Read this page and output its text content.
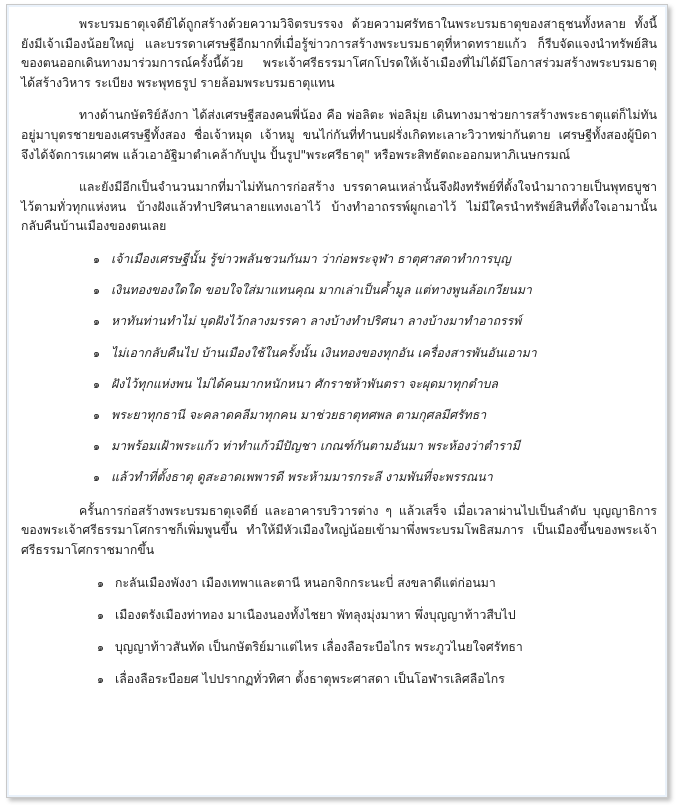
พระบรมธาตุเจดีย์ได้ถูกสร้างด้วยความวิจิตรบรรจง ด้วยความศรัทธาในพระบรมธาตุของสาธุชนทั้งหลาย ทั้งนี้ยังมีเจ้าเมืองน้อยใหญ่ และบรรดาเศรษฐีอีกมากที่เมื่อรู้ข่าวการสร้างพระบรมธาตุที่หาดทรายแก้ว ก็รีบจัดแจงนำทรัพย์สินของตนออกเดินทางมาร่วมการณ์ครั้งนี้ด้วย พระเจ้าศรีธรรมาโศกโปรดให้เจ้าเมืองที่ไม่ได้มีโอกาสร่วมสร้างพระบรมธาตุ ได้สร้างวิหาร ระเบียง พระพุทธรูป รายล้อมพระบรมธาตุแทน

ทางด้านกษัตริย์ลังกา ได้ส่งเศรษฐีสองคนพี่น้อง คือ พ่อลิตะ พ่อลิมุ่ย เดินทางมาช่วยการสร้างพระธาตุแต่ก็ไม่ทัน อยู่มาบุตรชายของเศรษฐีทั้งสอง ชื่อเจ้าหมุด เจ้าหมู ขนไก่กันที่ทำนบฝรั่งเกิดทะเลาะวิวาทฆ่ากันตาย เศรษฐีทั้งสองผู้บิดา จึงได้จัดการเผาศพ แล้วเอาอัฐิมาตำเคล้ากับปูน ปั้นรูป"พระศรีธาตุ" หรือพระสิทธัตถะออกมหาภิเนษกรมณ์

และยังมีอีกเป็นจำนวนมากที่มาไม่ทันการก่อสร้าง บรรดาคนเหล่านั้นจึงฝังทรัพย์ที่ตั้งใจนำมาถวายเป็นพุทธบูชาไว้ตามทั่วทุกแห่งหน บ้างฝังแล้วทำปริศนาลายแทงเอาไว้ บ้างทำอาถรรพ์ผูกเอาไว้ ไม่มีใครนำทรัพย์สินที่ตั้งใจเอามานั้นกลับคืนบ้านเมืองของตนเลย

๑ เจ้าเมืองเศรษฐีนั้น รู้ข่าวพลันชวนกันมา ว่าก่อพระจุฬา ธาตุศาสดาทำการบุญ
๑ เงินทองของใดใด ขอบใจใส่มาแทนคุณ มากเล่าเป็นค้ำมูล แต่ทางพูนล้อเกวียนมา
๑ หาทันท่านทำไม่ บุดฝังไว้กลางมรรคา ลางบ้างทำปริศนา ลางบ้างมาทำอาถรรพ์
๑ ไม่เอากลับคืนไป บ้านเมืองใช้ในครั้งนั้น เงินทองของทุกอัน เครื่องสารพันอันเอามา
๑ ฝังไว้ทุกแห่งพน ไม่ได้คนมากหนักหนา ศักราชห้าพันตรา จะผุดมาทุกตำบล
๑ พระยาทุกธานี จะคลาดคลีมาทุกคน มาช่วยธาตุทศพล ตามกุศลมีศรัทธา
๑ มาพร้อมเฝ้าพระแก้ว ท่าทำแก้วมีปัญชา เกณฑ์กันตามอันมา พระห้องว่าตำรามี
๑ แล้วทำที่ตั้งธาตุ ดูสะอาดเพพารดี พระห้ามมารกระลี งามพันที่จะพรรณนา

ครั้นการก่อสร้างพระบรมธาตุเจดีย์ และอาคารบริวารต่าง ๆ แล้วเสร็จ เมื่อเวลาผ่านไปเป็นลำดับ บุญญาธิการของพระเจ้าศรีธรรมาโศกราชก็เพิ่มพูนขึ้น ทำให้มีหัวเมืองใหญ่น้อยเข้ามาพึ่งพระบรมโพธิสมภาร เป็นเมืองขึ้นของพระเจ้าศรีธรรมาโศกราชมากขึ้น

๑ กะลันเมืองพังงา เมืองเทพาและตานี หนอกจิกกระนะบี่ สงขลาดีแต่ก่อนมา
๑ เมืองตรังเมืองท่าทอง มาเนืองนองทั้งไชยา พัทลุงมุ่งมาหา พึ่งบุญญาท้าวสืบไป
๑ บุญญาท้าวสันทัด เป็นกษัตริย์มาแต่ไหร เลื่องลือระบือไกร พระภูวไนยใจศรัทธา
๑ เลื่องลือระบือยศ ไปปรากฏทั่วทิศา ตั้งธาตุพระศาสดา เป็นโอฬารเลิศลือไกร
